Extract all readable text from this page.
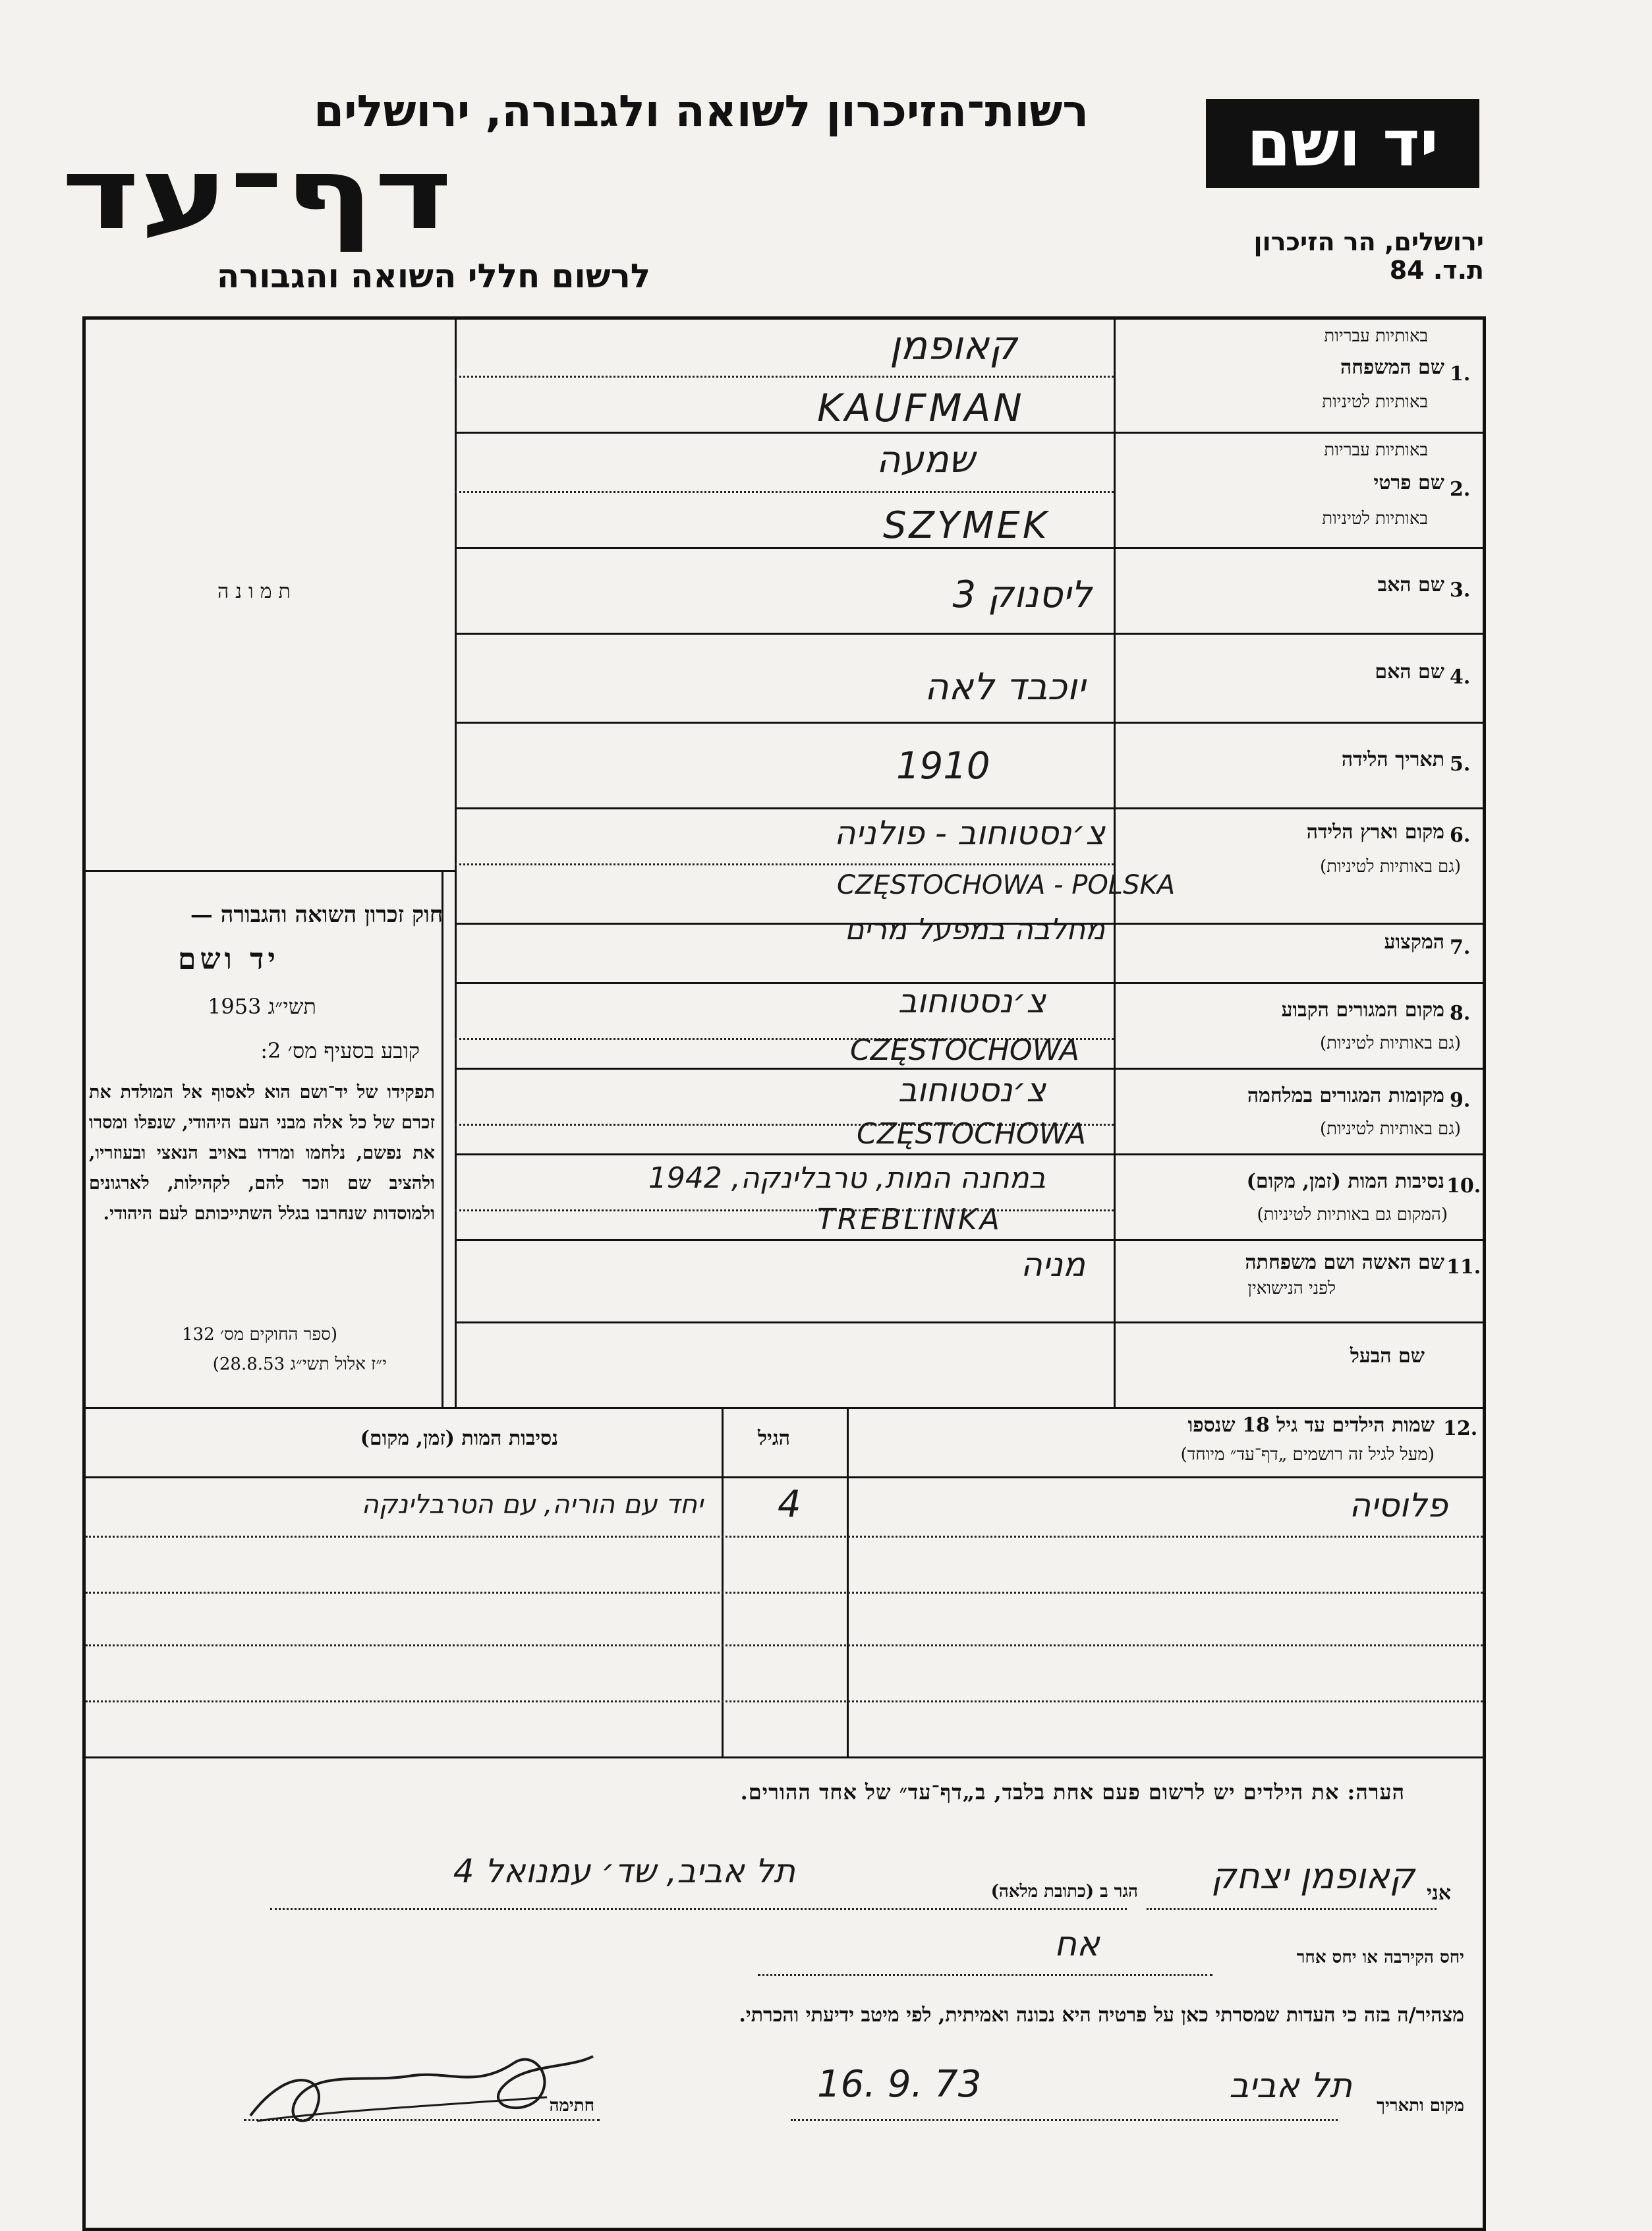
רשות־הזיכרון לשואה ולגבורה, ירושלים
דף־עד
לרשום חללי השואה והגבורה
יד ושם
ירושלים, הר הזיכרון
ת.ד. 84
תמונה
חוק זכרון השואה והגבורה —
יד ושם
תשי״ג 1953
קובע בסעיף מס׳ 2:
תפקידו של יד־ושם הוא לאסוף אל המולדת את זכרם של כל אלה מבני העם היהודי, שנפלו ומסרו את נפשם, נלחמו ומרדו באויב הנאצי ובעוזריו, ולהציב שם וזכר להם, לקהילות, לארגונים ולמוסדות שנחרבו בגלל השתייכותם לעם היהודי.
(ספר החוקים מס׳ 132
י״ז אלול תשי״ג 28.8.53)
1.
באותיות עבריות
שם המשפחה
באותיות לטיניות
קאופמן
KAUFMAN
2.
באותיות עבריות
שם פרטי
באותיות לטיניות
שמעה
SZYMEK
3.
שם האב
ליסנוק 3
4.
שם האם
יוכבד לאה
5.
תאריך הלידה
1910
6.
מקום וארץ הלידה
(גם באותיות לטיניות)
צ׳נסטוחוב - פולניה
CZĘSTOCHOWA - POLSKA
7.
המקצוע
מחלבה במפעל מרים
8.
מקום המגורים הקבוע
(גם באותיות לטיניות)
צ׳נסטוחוב
CZĘSTOCHOWA
9.
מקומות המגורים במלחמה
(גם באותיות לטיניות)
צ׳נסטוחוב
CZĘSTOCHOWA
10.
נסיבות המות (זמן, מקום)
(המקום גם באותיות לטיניות)
במחנה המות, טרבלינקה, 1942
TREBLINKA
11.
שם האשה ושם משפחתה
לפני הנישואין
מניה
שם הבעל
12.
שמות הילדים עד גיל 18 שנספו
(מעל לגיל זה רושמים „דף־עד״ מיוחד)
הגיל
נסיבות המות (זמן, מקום)
פלוסיה
4
יחד עם הוריה, עם הטרבלינקה
הערה: את הילדים יש לרשום פעם אחת בלבד, ב„דף־עד״ של אחד ההורים.
אני
קאופמן יצחק
הגר ב (כתובת מלאה)
תל אביב, שד׳ עמנואל 4
יחס הקירבה או יחס אחר
אח
מצהיר/ה בזה כי העדות שמסרתי כאן על פרטיה היא נכונה ואמיתית, לפי מיטב ידיעתי והכרתי.
מקום ותאריך
תל אביב
16. 9. 73
חתימה
